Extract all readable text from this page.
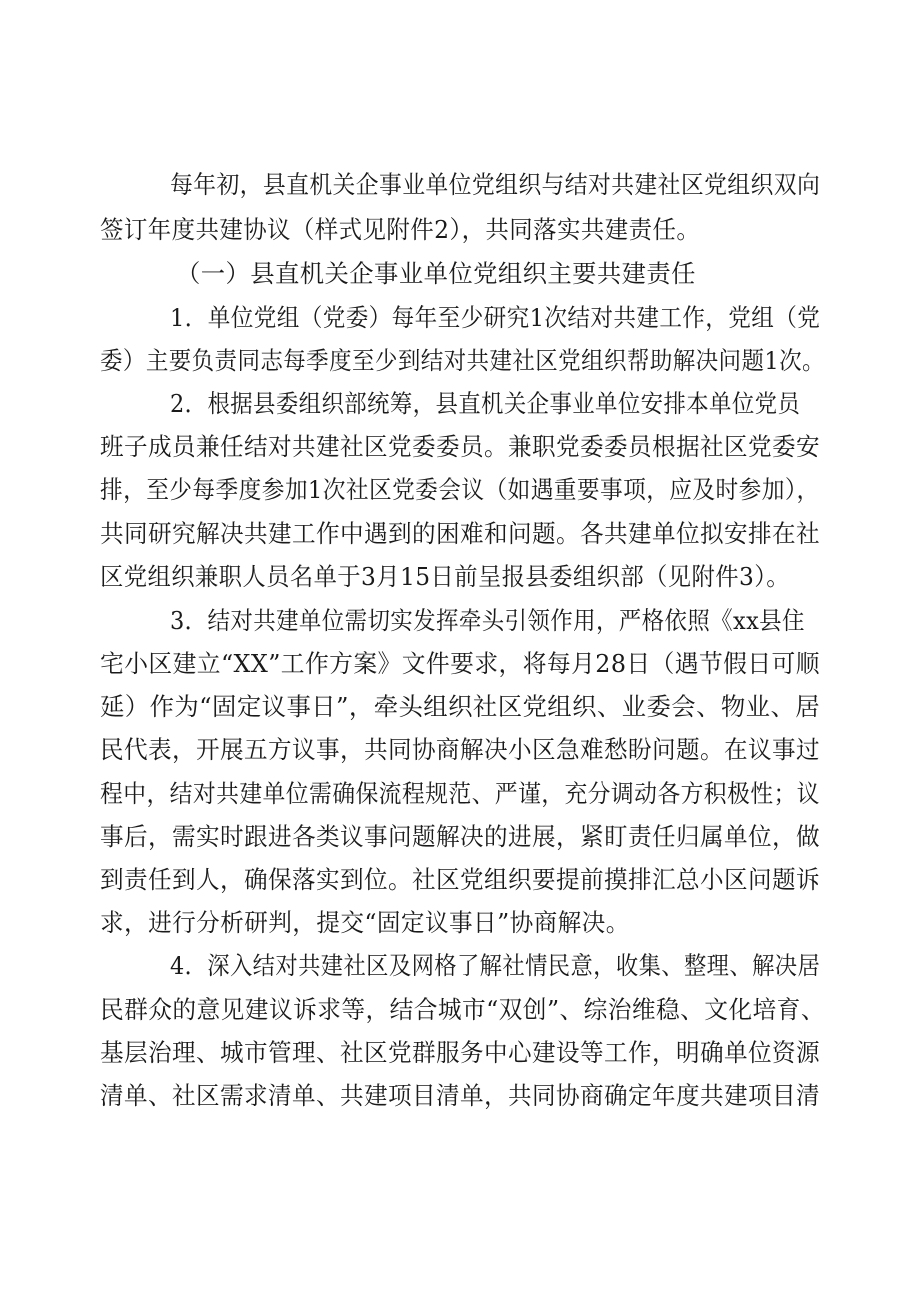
每年初，县直机关企事业单位党组织与结对共建社区党组织双向
签订年度共建协议（样式见附件2），共同落实共建责任。
（一）县直机关企事业单位党组织主要共建责任
1．单位党组（党委）每年至少研究1次结对共建工作，党组（党
委）主要负责同志每季度至少到结对共建社区党组织帮助解决问题1次。
2．根据县委组织部统筹，县直机关企事业单位安排本单位党员
班子成员兼任结对共建社区党委委员。兼职党委委员根据社区党委安
排，至少每季度参加1次社区党委会议（如遇重要事项，应及时参加），
共同研究解决共建工作中遇到的困难和问题。各共建单位拟安排在社
区党组织兼职人员名单于3月15日前呈报县委组织部（见附件3）。
3．结对共建单位需切实发挥牵头引领作用，严格依照《xx县住
宅小区建立“XX”工作方案》文件要求，将每月28日（遇节假日可顺
延）作为“固定议事日”，牵头组织社区党组织、业委会、物业、居
民代表，开展五方议事，共同协商解决小区急难愁盼问题。在议事过
程中，结对共建单位需确保流程规范、严谨，充分调动各方积极性；议
事后，需实时跟进各类议事问题解决的进展，紧盯责任归属单位，做
到责任到人，确保落实到位。社区党组织要提前摸排汇总小区问题诉
求，进行分析研判，提交“固定议事日”协商解决。
4．深入结对共建社区及网格了解社情民意，收集、整理、解决居
民群众的意见建议诉求等，结合城市“双创”、综治维稳、文化培育、
基层治理、城市管理、社区党群服务中心建设等工作，明确单位资源
清单、社区需求清单、共建项目清单，共同协商确定年度共建项目清
